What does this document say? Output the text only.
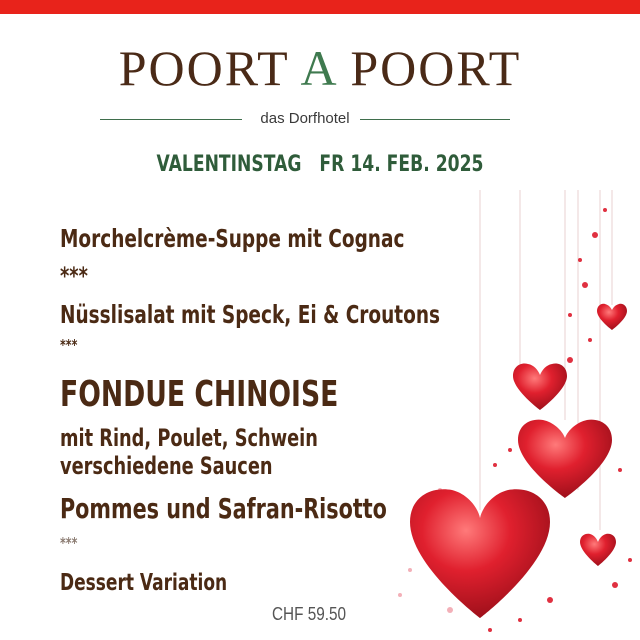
POORT A POORT
das Dorfhotel
VALENTINSTAG   FR 14. FEB. 2025
Morchelcrème-Suppe mit Cognac
***
Nüsslisalat mit Speck, Ei & Croutons
***
FONDUE CHINOISE
mit Rind, Poulet, Schwein
verschiedene Saucen
Pommes und Safran-Risotto
***
Dessert Variation
CHF 59.50
